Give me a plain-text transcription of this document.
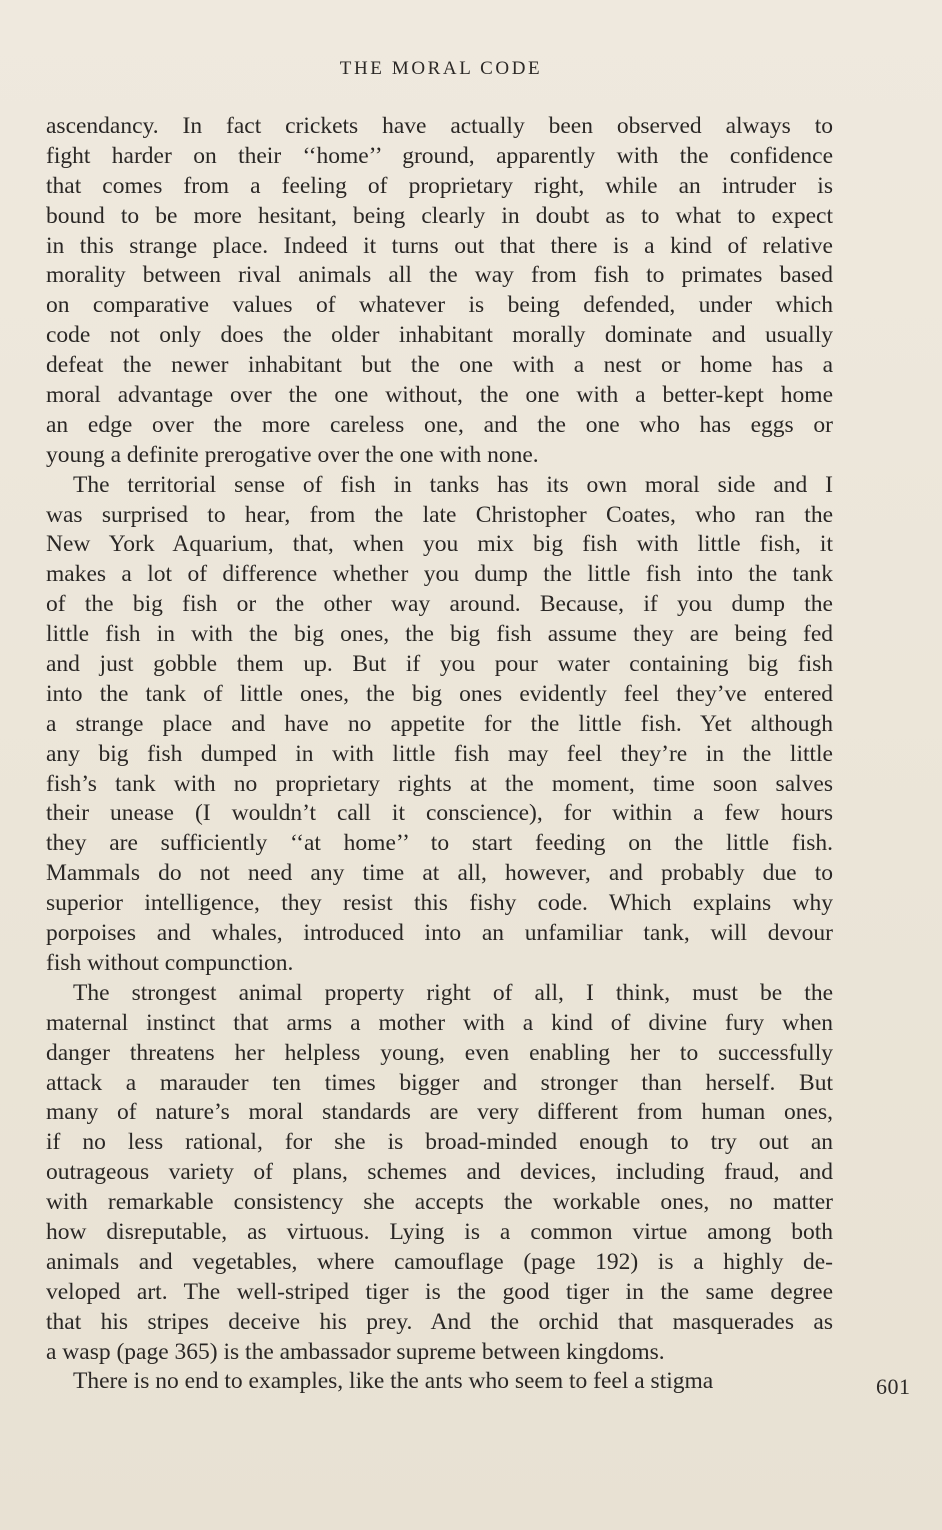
THE MORAL CODE
ascendancy. In fact crickets have actually been observed always to
fight harder on their ‘‘home’’ ground, apparently with the confidence
that comes from a feeling of proprietary right, while an intruder is
bound to be more hesitant, being clearly in doubt as to what to expect
in this strange place. Indeed it turns out that there is a kind of relative
morality between rival animals all the way from fish to primates based
on comparative values of whatever is being defended, under which
code not only does the older inhabitant morally dominate and usually
defeat the newer inhabitant but the one with a nest or home has a
moral advantage over the one without, the one with a better-kept home
an edge over the more careless one, and the one who has eggs or
young a definite prerogative over the one with none.
The territorial sense of fish in tanks has its own moral side and I
was surprised to hear, from the late Christopher Coates, who ran the
New York Aquarium, that, when you mix big fish with little fish, it
makes a lot of difference whether you dump the little fish into the tank
of the big fish or the other way around. Because, if you dump the
little fish in with the big ones, the big fish assume they are being fed
and just gobble them up. But if you pour water containing big fish
into the tank of little ones, the big ones evidently feel they’ve entered
a strange place and have no appetite for the little fish. Yet although
any big fish dumped in with little fish may feel they’re in the little
fish’s tank with no proprietary rights at the moment, time soon salves
their unease (I wouldn’t call it conscience), for within a few hours
they are sufficiently ‘‘at home’’ to start feeding on the little fish.
Mammals do not need any time at all, however, and probably due to
superior intelligence, they resist this fishy code. Which explains why
porpoises and whales, introduced into an unfamiliar tank, will devour
fish without compunction.
The strongest animal property right of all, I think, must be the
maternal instinct that arms a mother with a kind of divine fury when
danger threatens her helpless young, even enabling her to successfully
attack a marauder ten times bigger and stronger than herself. But
many of nature’s moral standards are very different from human ones,
if no less rational, for she is broad-minded enough to try out an
outrageous variety of plans, schemes and devices, including fraud, and
with remarkable consistency she accepts the workable ones, no matter
how disreputable, as virtuous. Lying is a common virtue among both
animals and vegetables, where camouflage (page 192) is a highly de-
veloped art. The well-striped tiger is the good tiger in the same degree
that his stripes deceive his prey. And the orchid that masquerades as
a wasp (page 365) is the ambassador supreme between kingdoms.
There is no end to examples, like the ants who seem to feel a stigma	601
